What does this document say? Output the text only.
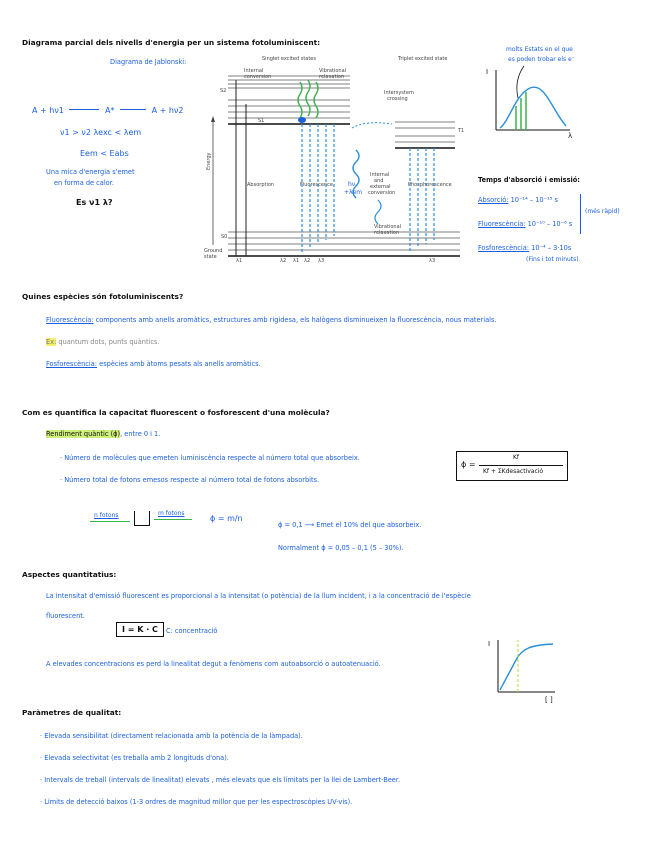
Diagrama parcial dels nivells d'energia per un sistema fotoluminiscent:
Diagrama de Jablonski:
A + hν1	A*	A + hν2
ν1 > ν2 λexc < λem
Eem < Eabs
Una mica d'energia s'emet
en forma de calor.
Es ν1 λ?
Singlet excited states	Triplet excited state
Internal
conversion
Vibrational
relaxation
Intersystem
crossing
Internal
and
external
conversion
Vibrational
relaxation
Absorption	Fluorescence	Phosphorescence
Ground
state
S2
S1
T1
S0
λ1	λ2 λ1 λ2 λ3	λ3
Energy
hν
+λem
molts Estats en el que
es poden trobar els e⁻
I
λ
Temps d'absorció i emissió:
Absorció: 10⁻¹⁴ – 10⁻¹⁵ s
Fluorescència: 10⁻¹⁰ – 10⁻⁶ s
Fosforescència: 10⁻⁴ – 3·10s
(Fins i tot minuts).
(més ràpid)
Quines espècies són fotoluminiscents?
Fluorescència: components amb anells aromàtics, estructures amb rigidesa, els halògens disminueixen la fluorescència, nous materials.
Ex: quantum dots, punts quàntics.
Fosforescència: espècies amb àtoms pesats als anells aromàtics.
Com es quantifica la capacitat fluorescent o fosforescent d'una molècula?
Rendiment quàntic (ϕ), entre 0 i 1.
· Número de molècules que emeten luminiscència respecte al número total que absorbeix.
· Número total de fotons emesos respecte al número total de fotons absorbits.
ϕ =
Kf
Kf + ΣKdesactivació
n fotons	m fotons
ϕ = m/n
ϕ = 0,1 ⟶ Emet el 10% del que absorbeix.
Normalment ϕ = 0,05 – 0,1 (5 – 30%).
Aspectes quantitatius:
La intensitat d'emissió fluorescent es proporcional a la intensitat (o potència) de la llum incident, i a la concentració de l'espècie
fluorescent.
I = K · C	C: concentració
A elevades concentracions es perd la linealitat degut a fenòmens com autoabsorció o autoatenuació.
I
[ ]
Paràmetres de qualitat:
· Elevada sensibilitat (directament relacionada amb la potència de la làmpada).
· Elevada selectivitat (es treballa amb 2 longituds d'ona).
· Intervals de treball (intervals de linealitat) elevats , més elevats que els límitats per la llei de Lambert-Beer.
· Límits de detecció baixos (1-3 ordres de magnitud millor que per les espectroscòpies UV-vis).
